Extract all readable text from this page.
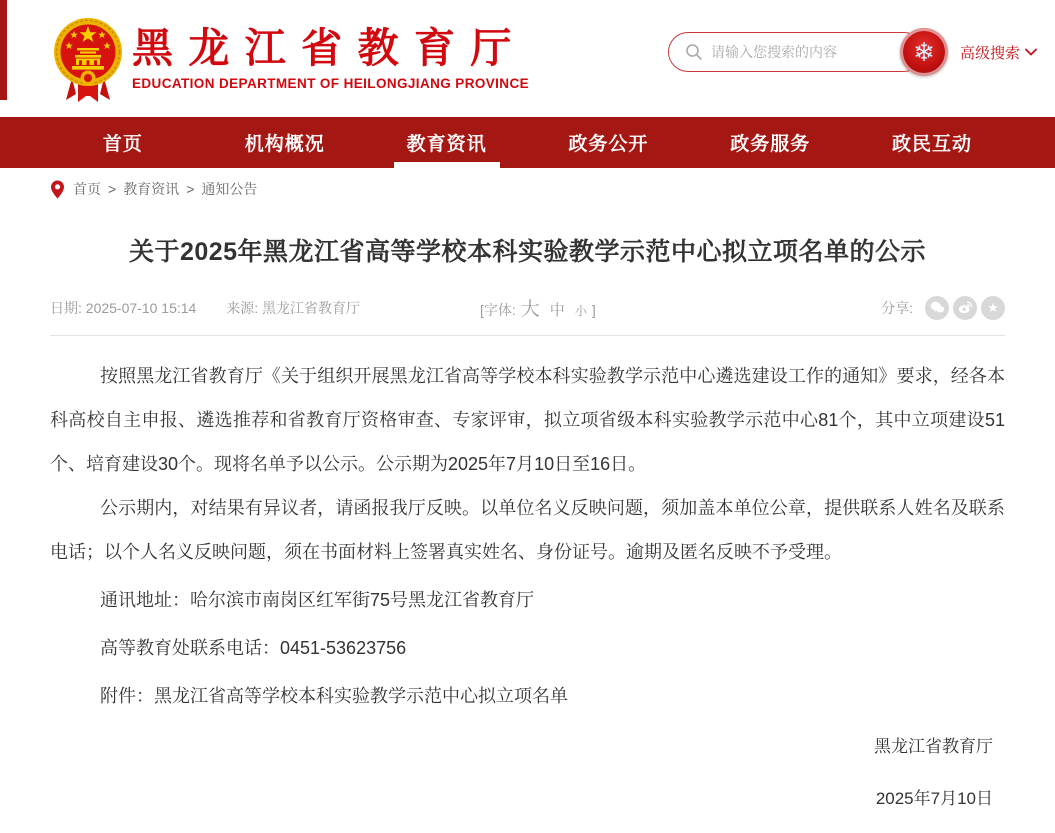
黑 龙 江 省 教 育 厅
EDUCATION DEPARTMENT OF HEILONGJIANG PROVINCE
请输入您搜索的内容
❄	高级搜索
首页	机构概况	教育资讯	政务公开	政务服务	政民互动
首页 > 教育资讯 > 通知公告
关于2025年黑龙江省高等学校本科实验教学示范中心拟立项名单的公示
日期: 2025-07-10 15:14 来源: 黑龙江省教育厅	[字体: 大 中 小 ]	分享:	★

按照黑龙江省教育厅《关于组织开展黑龙江省高等学校本科实验教学示范中心遴选建设工作的通知》要求，经各本科高校自主申报、遴选推荐和省教育厅资格审查、专家评审，拟立项省级本科实验教学示范中心81个，其中立项建设51个、培育建设30个。现将名单予以公示。公示期为2025年7月10日至16日。

公示期内，对结果有异议者，请函报我厅反映。以单位名义反映问题，须加盖本单位公章，提供联系人姓名及联系电话；以个人名义反映问题，须在书面材料上签署真实姓名、身份证号。逾期及匿名反映不予受理。

通讯地址：哈尔滨市南岗区红军街75号黑龙江省教育厅

高等教育处联系电话：0451-53623756

附件：黑龙江省高等学校本科实验教学示范中心拟立项名单

黑龙江省教育厅

2025年7月10日
